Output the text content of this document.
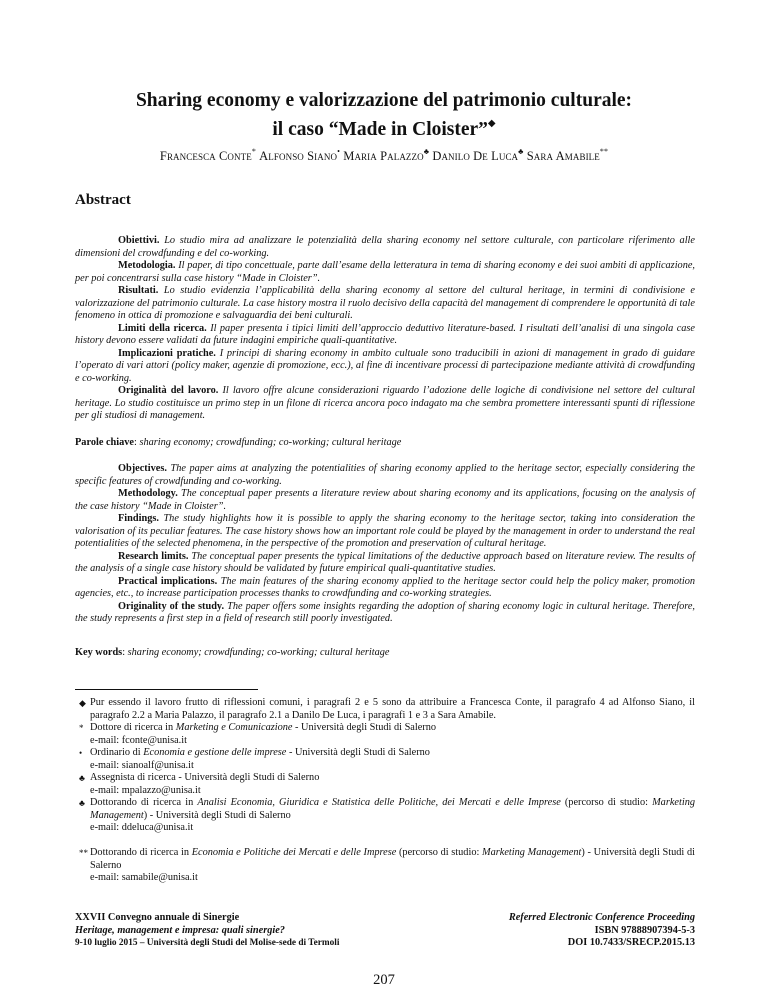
Sharing economy e valorizzazione del patrimonio culturale:
il caso “Made in Cloister”◆
Francesca Conte* Alfonso Siano• Maria Palazzo♣ Danilo De Luca♣ Sara Amabile**
Abstract

Obiettivi. Lo studio mira ad analizzare le potenzialità della sharing economy nel settore culturale, con particolare riferimento alle dimensioni del crowdfunding e del co-working.

Metodologia. Il paper, di tipo concettuale, parte dall’esame della letteratura in tema di sharing economy e dei suoi ambiti di applicazione, per poi concentrarsi sulla case history “Made in Cloister”.

Risultati. Lo studio evidenzia l’applicabilità della sharing economy al settore del cultural heritage, in termini di condivisione e valorizzazione del patrimonio culturale. La case history mostra il ruolo decisivo della capacità del management di comprendere le opportunità di tale fenomeno in ottica di promozione e salvaguardia dei beni culturali.

Limiti della ricerca. Il paper presenta i tipici limiti dell’approccio deduttivo literature-based. I risultati dell’analisi di una singola case history devono essere validati da future indagini empiriche quali-quantitative.

Implicazioni pratiche. I principi di sharing economy in ambito cultuale sono traducibili in azioni di management in grado di guidare l’operato di vari attori (policy maker, agenzie di promozione, ecc.), al fine di incentivare processi di partecipazione mediante attività di crowdfunding e co-working.

Originalità del lavoro. Il lavoro offre alcune considerazioni riguardo l’adozione delle logiche di condivisione nel settore del cultural heritage. Lo studio costituisce un primo step in un filone di ricerca ancora poco indagato ma che sembra promettere interessanti spunti di riflessione per gli studiosi di management.

Parole chiave: sharing economy; crowdfunding; co-working; cultural heritage

Objectives. The paper aims at analyzing the potentialities of sharing economy applied to the heritage sector, especially considering the specific features of crowdfunding and co-working.

Methodology. The conceptual paper presents a literature review about sharing economy and its applications, focusing on the analysis of the case history “Made in Cloister”.

Findings. The study highlights how it is possible to apply the sharing economy to the heritage sector, taking into consideration the valorisation of its peculiar features. The case history shows how an important role could be played by the management in order to understand the real potentialities of the selected phenomena, in the perspective of the promotion and preservation of cultural heritage.

Research limits. The conceptual paper presents the typical limitations of the deductive approach based on literature review. The results of the analysis of a single case history should be validated by future empirical quali-quantitative studies.

Practical implications. The main features of the sharing economy applied to the heritage sector could help the policy maker, promotion agencies, etc., to increase participation processes thanks to crowdfunding and co-working strategies.

Originality of the study. The paper offers some insights regarding the adoption of sharing economy logic in cultural heritage. Therefore, the study represents a first step in a field of research still poorly investigated.

Key words: sharing economy; crowdfunding; co-working; cultural heritage
◆ Pur essendo il lavoro frutto di riflessioni comuni, i paragrafi 2 e 5 sono da attribuire a Francesca Conte, il paragrafo 4 ad Alfonso Siano, il paragrafo 2.2 a Maria Palazzo, il paragrafo 2.1 a Danilo De Luca, i paragrafi 1 e 3 a Sara Amabile.
* Dottore di ricerca in Marketing e Comunicazione - Università degli Studi di Salerno
e-mail: fconte@unisa.it
• Ordinario di Economia e gestione delle imprese - Università degli Studi di Salerno
e-mail: sianoalf@unisa.it
♣ Assegnista di ricerca - Università degli Studi di Salerno
e-mail: mpalazzo@unisa.it
♣ Dottorando di ricerca in Analisi Economia, Giuridica e Statistica delle Politiche, dei Mercati e delle Imprese (percorso di studio: Marketing Management) - Università degli Studi di Salerno
e-mail: ddeluca@unisa.it
** Dottorando di ricerca in Economia e Politiche dei Mercati e delle Imprese (percorso di studio: Marketing Management) - Università degli Studi di Salerno
e-mail: samabile@unisa.it
XXVII Convegno annuale di Sinergie
Heritage, management e impresa: quali sinergie?
9-10 luglio 2015 – Università degli Studi del Molise-sede di Termoli
Referred Electronic Conference Proceeding
ISBN 97888907394-5-3
DOI 10.7433/SRECP.2015.13
207
